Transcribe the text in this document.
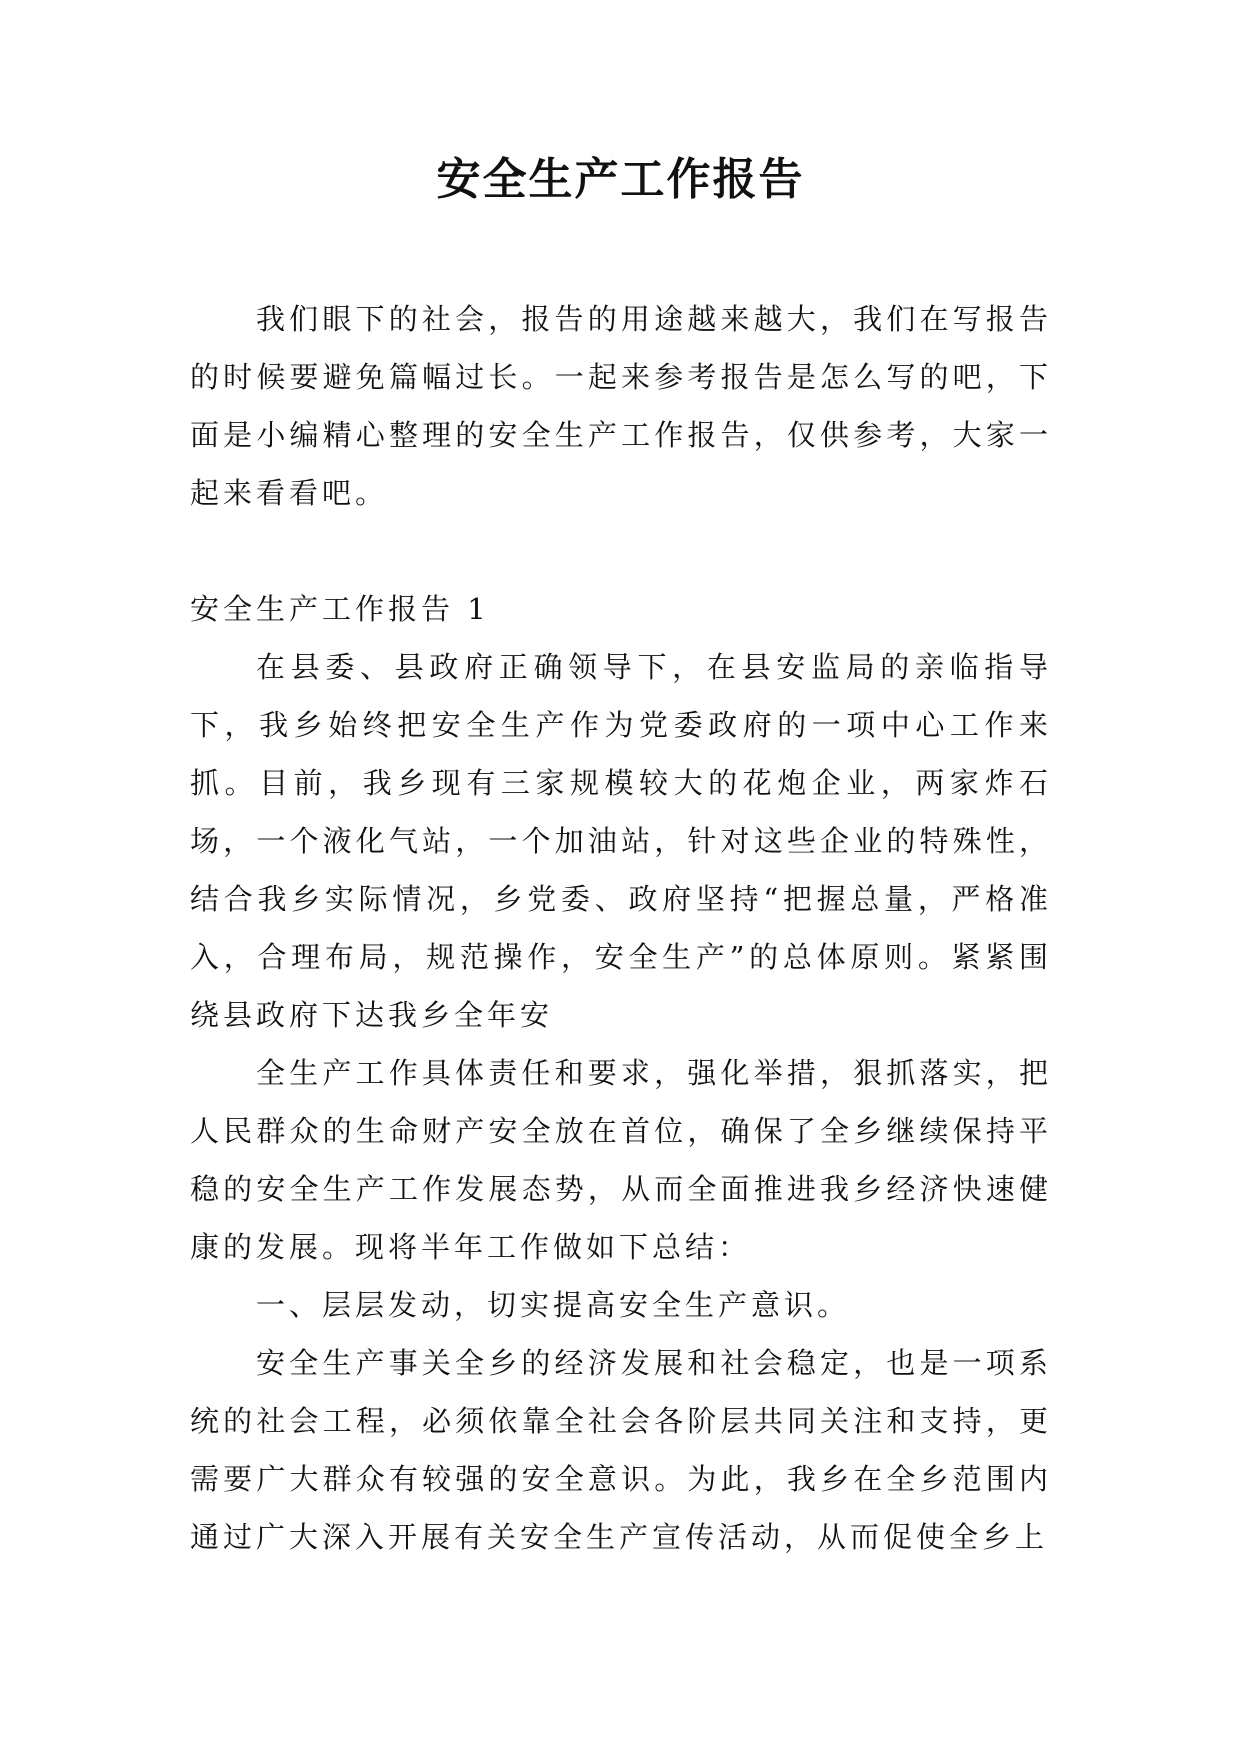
安全生产工作报告

我们眼下的社会，报告的用途越来越大，我们在写报告的时候要避免篇幅过长。一起来参考报告是怎么写的吧，下面是小编精心整理的安全生产工作报告，仅供参考，大家一起来看看吧。

安全生产工作报告 1

在县委、县政府正确领导下，在县安监局的亲临指导下，我乡始终把安全生产作为党委政府的一项中心工作来抓。目前，我乡现有三家规模较大的花炮企业，两家炸石场，一个液化气站，一个加油站，针对这些企业的特殊性，结合我乡实际情况，乡党委、政府坚持“把握总量，严格准入，合理布局，规范操作，安全生产”的总体原则。紧紧围绕县政府下达我乡全年安

全生产工作具体责任和要求，强化举措，狠抓落实，把人民群众的生命财产安全放在首位，确保了全乡继续保持平稳的安全生产工作发展态势，从而全面推进我乡经济快速健康的发展。现将半年工作做如下总结：

一、层层发动，切实提高安全生产意识。

安全生产事关全乡的经济发展和社会稳定，也是一项系统的社会工程，必须依靠全社会各阶层共同关注和支持，更需要广大群众有较强的安全意识。为此，我乡在全乡范围内通过广大深入开展有关安全生产宣传活动，从而促使全乡上
